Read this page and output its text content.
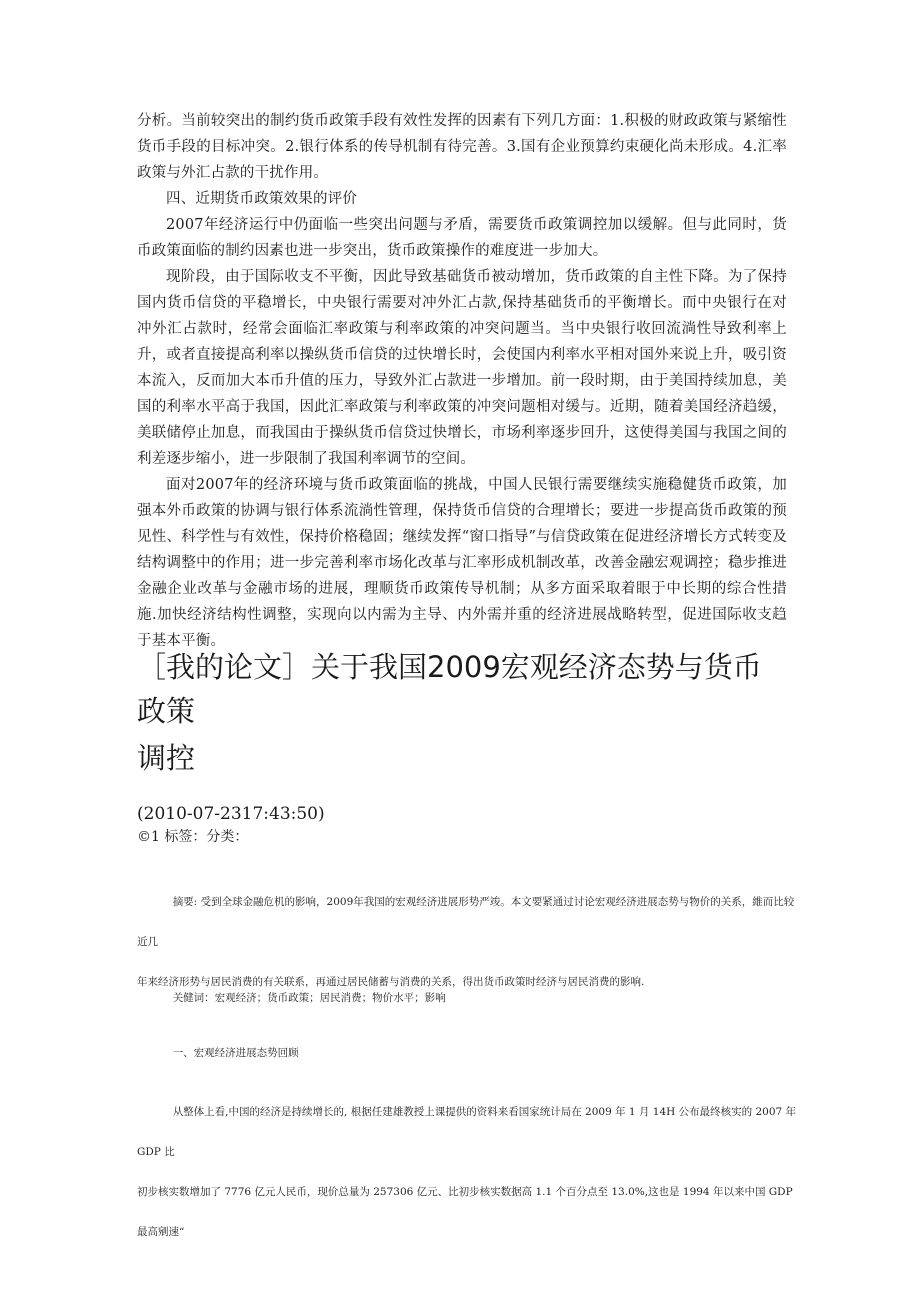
分析。当前较突出的制约货币政策手段有效性发挥的因素有下列几方面：1.积极的财政政策与紧缩性货币手段的目标冲突。2.银行体系的传导机制有待完善。3.国有企业预算约束硬化尚未形成。4.汇率政策与外汇占款的干扰作用。

四、近期货币政策效果的评价

2007年经济运行中仍面临一些突出问题与矛盾，需要货币政策调控加以缓解。但与此同时，货币政策面临的制约因素也进一步突出，货币政策操作的难度进一步加大。

现阶段，由于国际收支不平衡，因此导致基础货币被动增加，货币政策的自主性下降。为了保持国内货币信贷的平稳增长，中央银行需要对冲外汇占款,保持基础货币的平衡增长。而中央银行在对冲外汇占款时，经常会面临汇率政策与利率政策的冲突问题当。当中央银行收回流淌性导致利率上升，或者直接提高利率以操纵货币信贷的过快增长时，会使国内利率水平相对国外来说上升，吸引资本流入，反而加大本币升值的压力，导致外汇占款进一步增加。前一段时期，由于美国持续加息，美国的利率水平高于我国，因此汇率政策与利率政策的冲突问题相对缓与。近期，随着美国经济趋缓，美联储停止加息，而我国由于操纵货币信贷过快增长，市场利率逐步回升，这使得美国与我国之间的利差逐步缩小，进一步限制了我国利率调节的空间。

面对2007年的经济环境与货币政策面临的挑战，中国人民银行需要继续实施稳健货币政策，加强本外币政策的协调与银行体系流淌性管理，保持货币信贷的合理增长；要进一步提高货币政策的预见性、科学性与有效性，保持价格稳固；继续发挥“窗口指导”与信贷政策在促进经济增长方式转变及结构调整中的作用；进一步完善利率市场化改革与汇率形成机制改革，改善金融宏观调控；稳步推进金融企业改革与金融市场的进展，理顺货币政策传导机制；从多方面采取着眼于中长期的综合性措施.加快经济结构性调整，实现向以内需为主导、内外需并重的经济进展战略转型，促进国际收支趋于基本平衡。

［我的论文］关于我国2009宏观经济态势与货币政策
调控
(2010-07-2317:43:50)
©1 标签：分类：

摘要: 受到全球金融危机的影响，2009年我国的宏观经济进展形势严竣。本文要紧通过讨论宏观经济进展态势与物价的关系，維而比较近几

年来经济形势与居民消费的有关联系，再通过居民储蓄与消费的关系，得出货币政策时经济与居民消费的影响.

关健词：宏观经济；货币政策；居民消费；物价水平；影响

一、宏观经济进展态势回顾

从整体上看,中国的经济是持续增长的, 根据任建雄教授上课提供的资料来看国家统计局在 2009 年 1 月 14H 公布最终核实的 2007 年 GDP 比

初步核实数增加了 7776 亿元人民币，现价总量为 257306 亿元、比初步核实数据高 1.1 个百分点至 13.0%,这也是 1994 年以来中国 GDP 最高剜速“
